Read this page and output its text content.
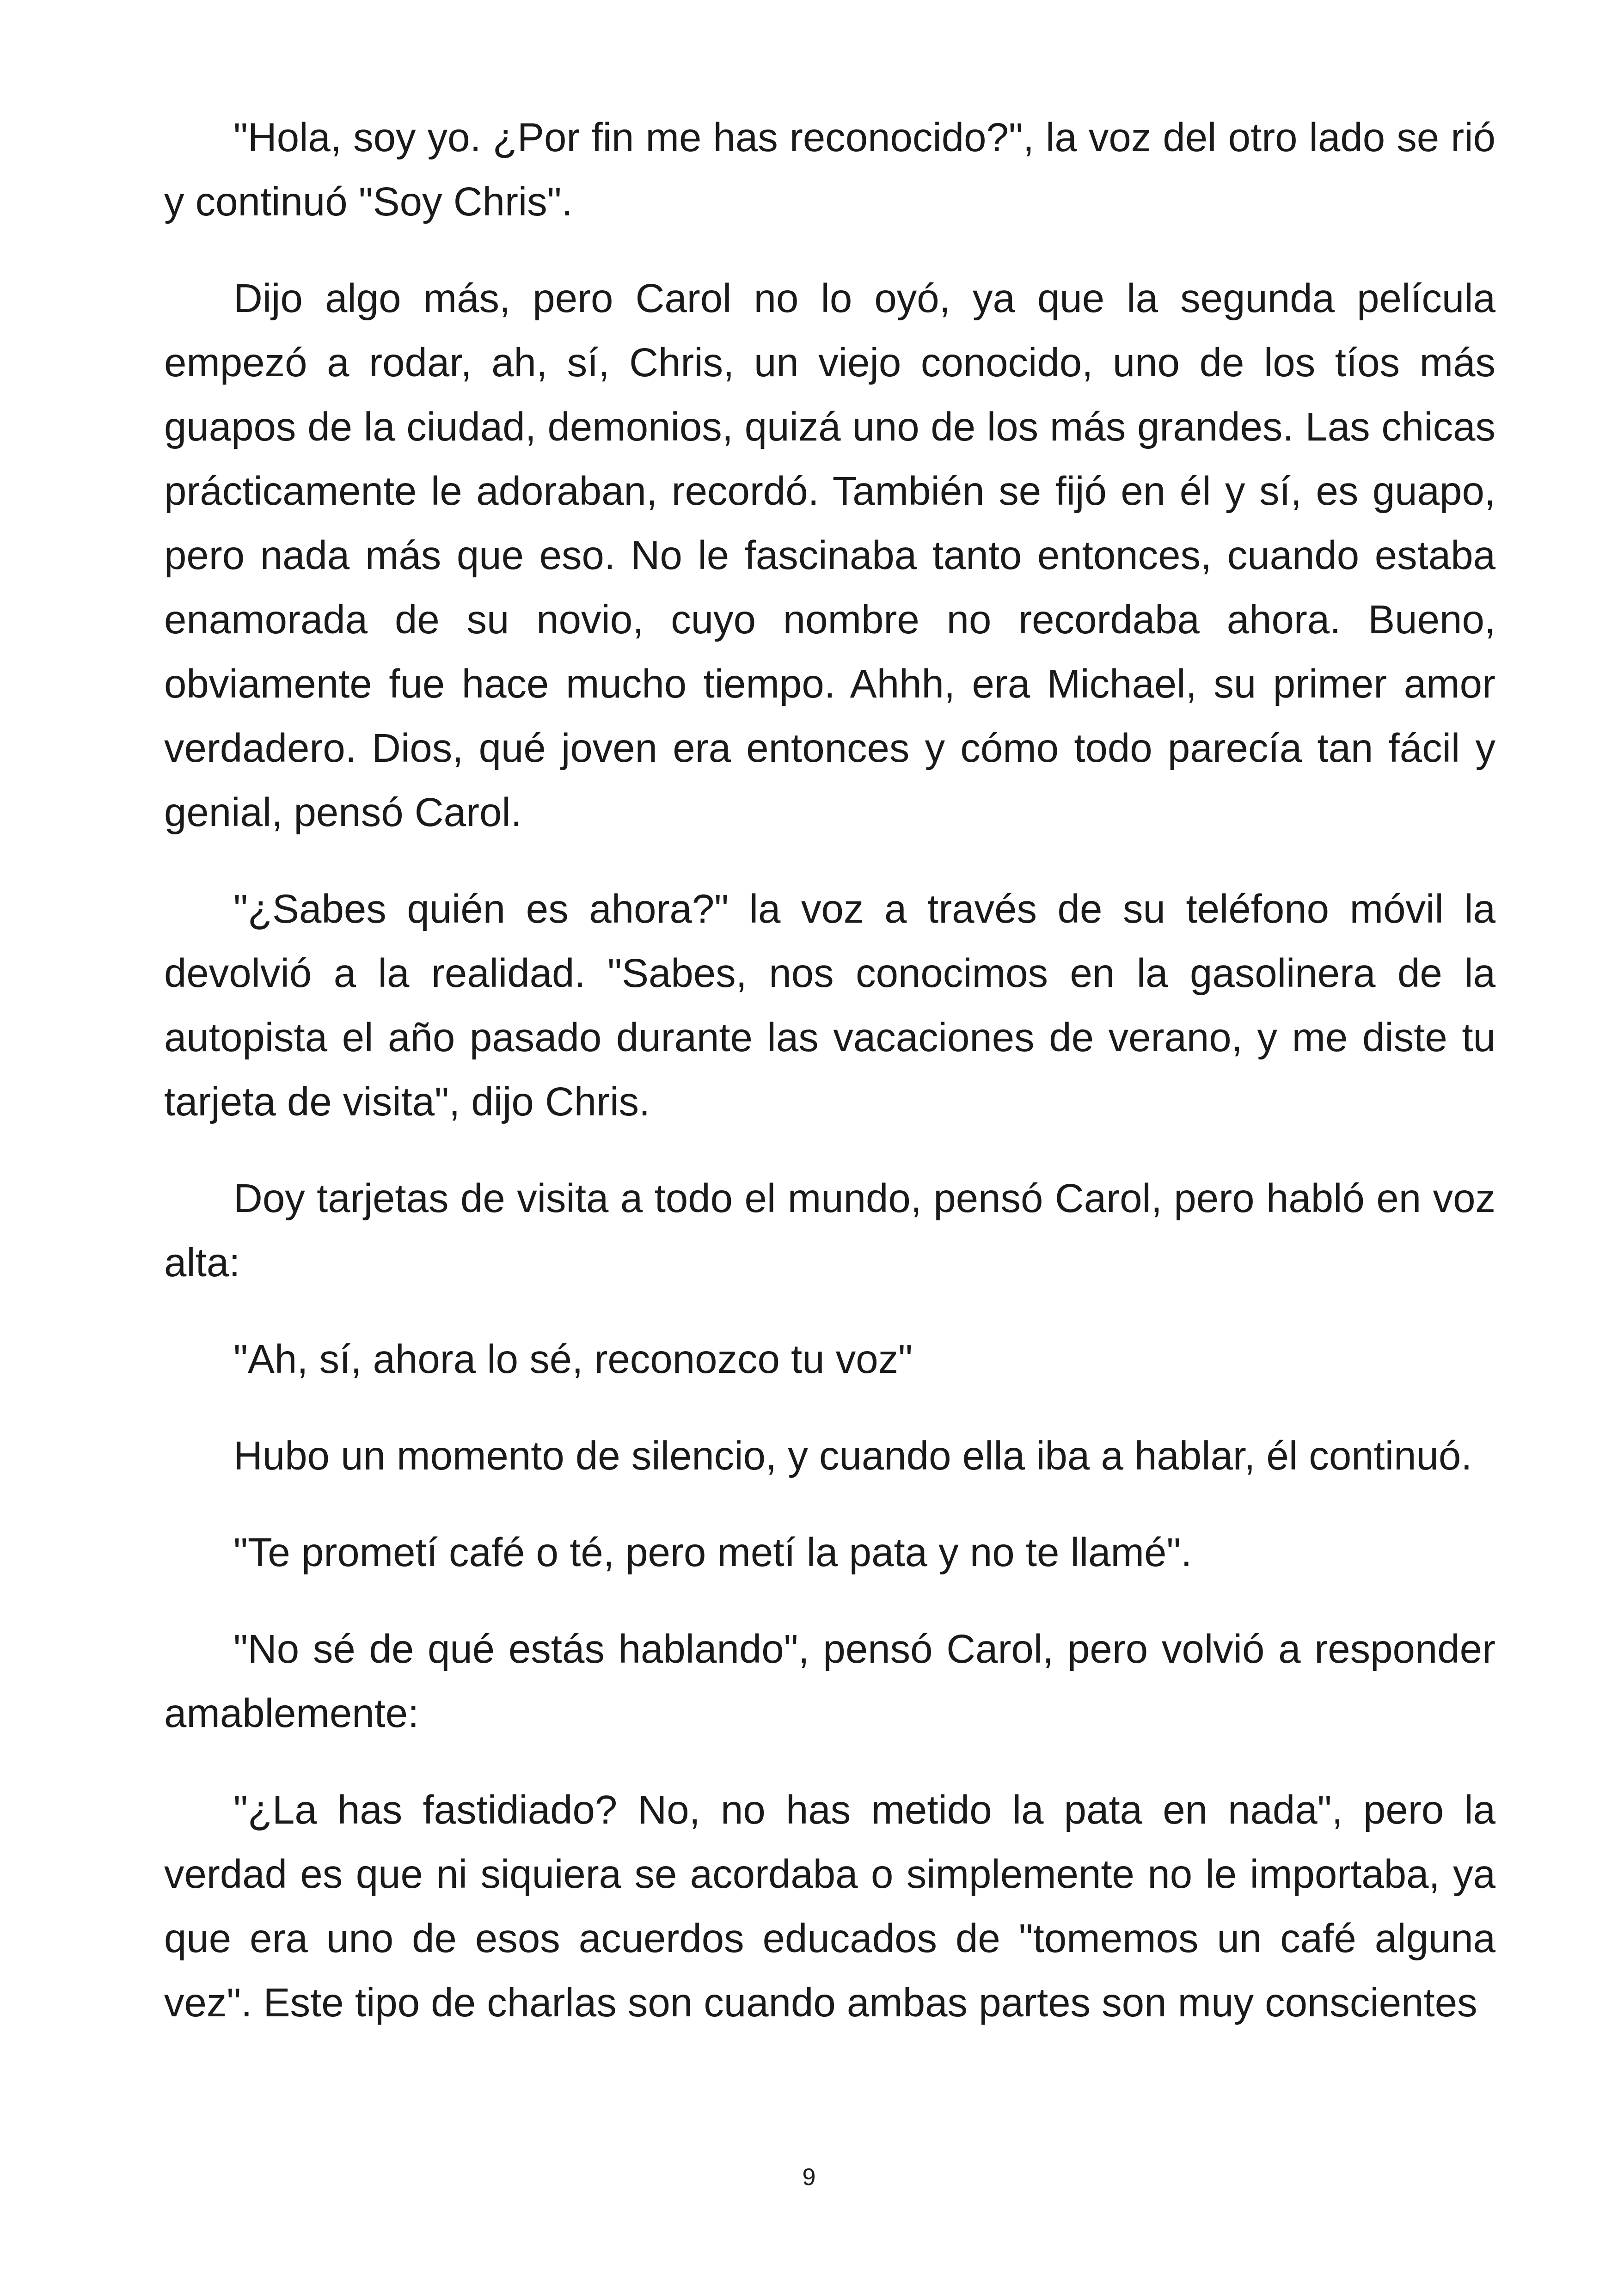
"Hola, soy yo. ¿Por fin me has reconocido?", la voz del otro lado se rió y continuó "Soy Chris".

Dijo algo más, pero Carol no lo oyó, ya que la segunda película empezó a rodar, ah, sí, Chris, un viejo conocido, uno de los tíos más guapos de la ciudad, demonios, quizá uno de los más grandes. Las chicas prácticamente le adoraban, recordó. También se fijó en él y sí, es guapo, pero nada más que eso. No le fascinaba tanto entonces, cuando estaba enamorada de su novio, cuyo nombre no recordaba ahora. Bueno, obviamente fue hace mucho tiempo. Ahhh, era Michael, su primer amor verdadero. Dios, qué joven era entonces y cómo todo parecía tan fácil y genial, pensó Carol.

"¿Sabes quién es ahora?" la voz a través de su teléfono móvil la devolvió a la realidad. "Sabes, nos conocimos en la gasolinera de la autopista el año pasado durante las vacaciones de verano, y me diste tu tarjeta de visita", dijo Chris.

Doy tarjetas de visita a todo el mundo, pensó Carol, pero habló en voz alta:

"Ah, sí, ahora lo sé, reconozco tu voz"

Hubo un momento de silencio, y cuando ella iba a hablar, él continuó.

"Te prometí café o té, pero metí la pata y no te llamé".

"No sé de qué estás hablando", pensó Carol, pero volvió a responder amablemente:

"¿La has fastidiado? No, no has metido la pata en nada", pero la verdad es que ni siquiera se acordaba o simplemente no le importaba, ya que era uno de esos acuerdos educados de "tomemos un café alguna vez". Este tipo de charlas son cuando ambas partes son muy conscientes

9
